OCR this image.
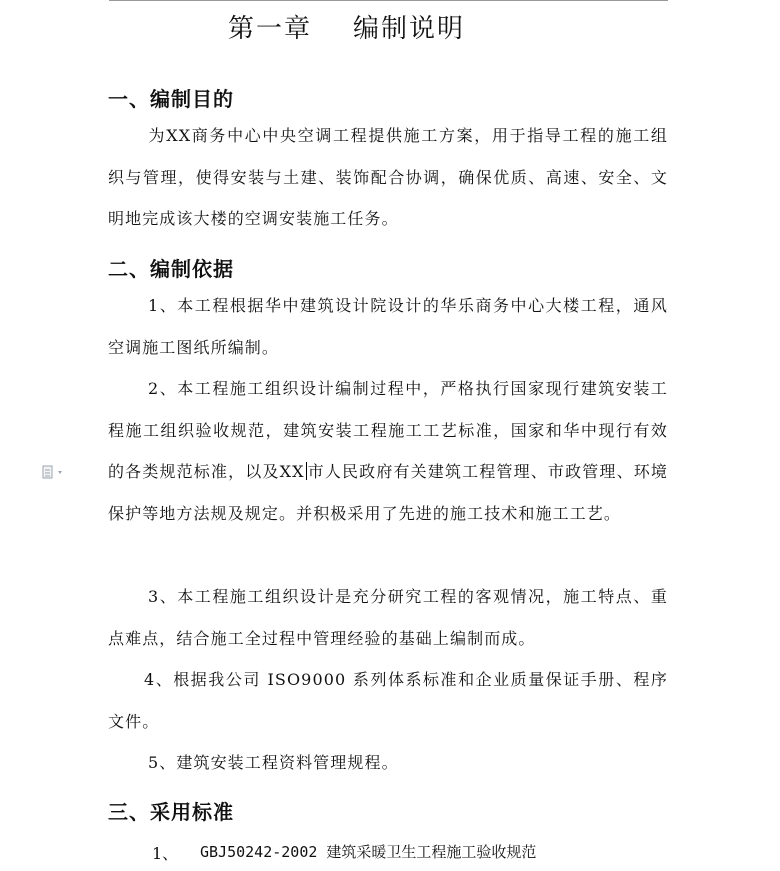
第一章    编制说明
一、编制目的
为XX商务中心中央空调工程提供施工方案，用于指导工程的施工组织与管理，使得安装与土建、装饰配合协调，确保优质、高速、安全、文明地完成该大楼的空调安装施工任务。
二、编制依据
1、本工程根据华中建筑设计院设计的华乐商务中心大楼工程，通风空调施工图纸所编制。
2、本工程施工组织设计编制过程中，严格执行国家现行建筑安装工程施工组织验收规范，建筑安装工程施工工艺标准，国家和华中现行有效的各类规范标准，以及XX 市人民政府有关建筑工程管理、市政管理、环境保护等地方法规及规定。并积极采用了先进的施工技术和施工工艺。
3、本工程施工组织设计是充分研究工程的客观情况，施工特点、重点难点，结合施工全过程中管理经验的基础上编制而成。
4、根据我公司 ISO9000 系列体系标准和企业质量保证手册、程序文件。
5、建筑安装工程资料管理规程。
三、采用标准
1、 GBJ50242-2002 建筑采暖卫生工程施工验收规范
